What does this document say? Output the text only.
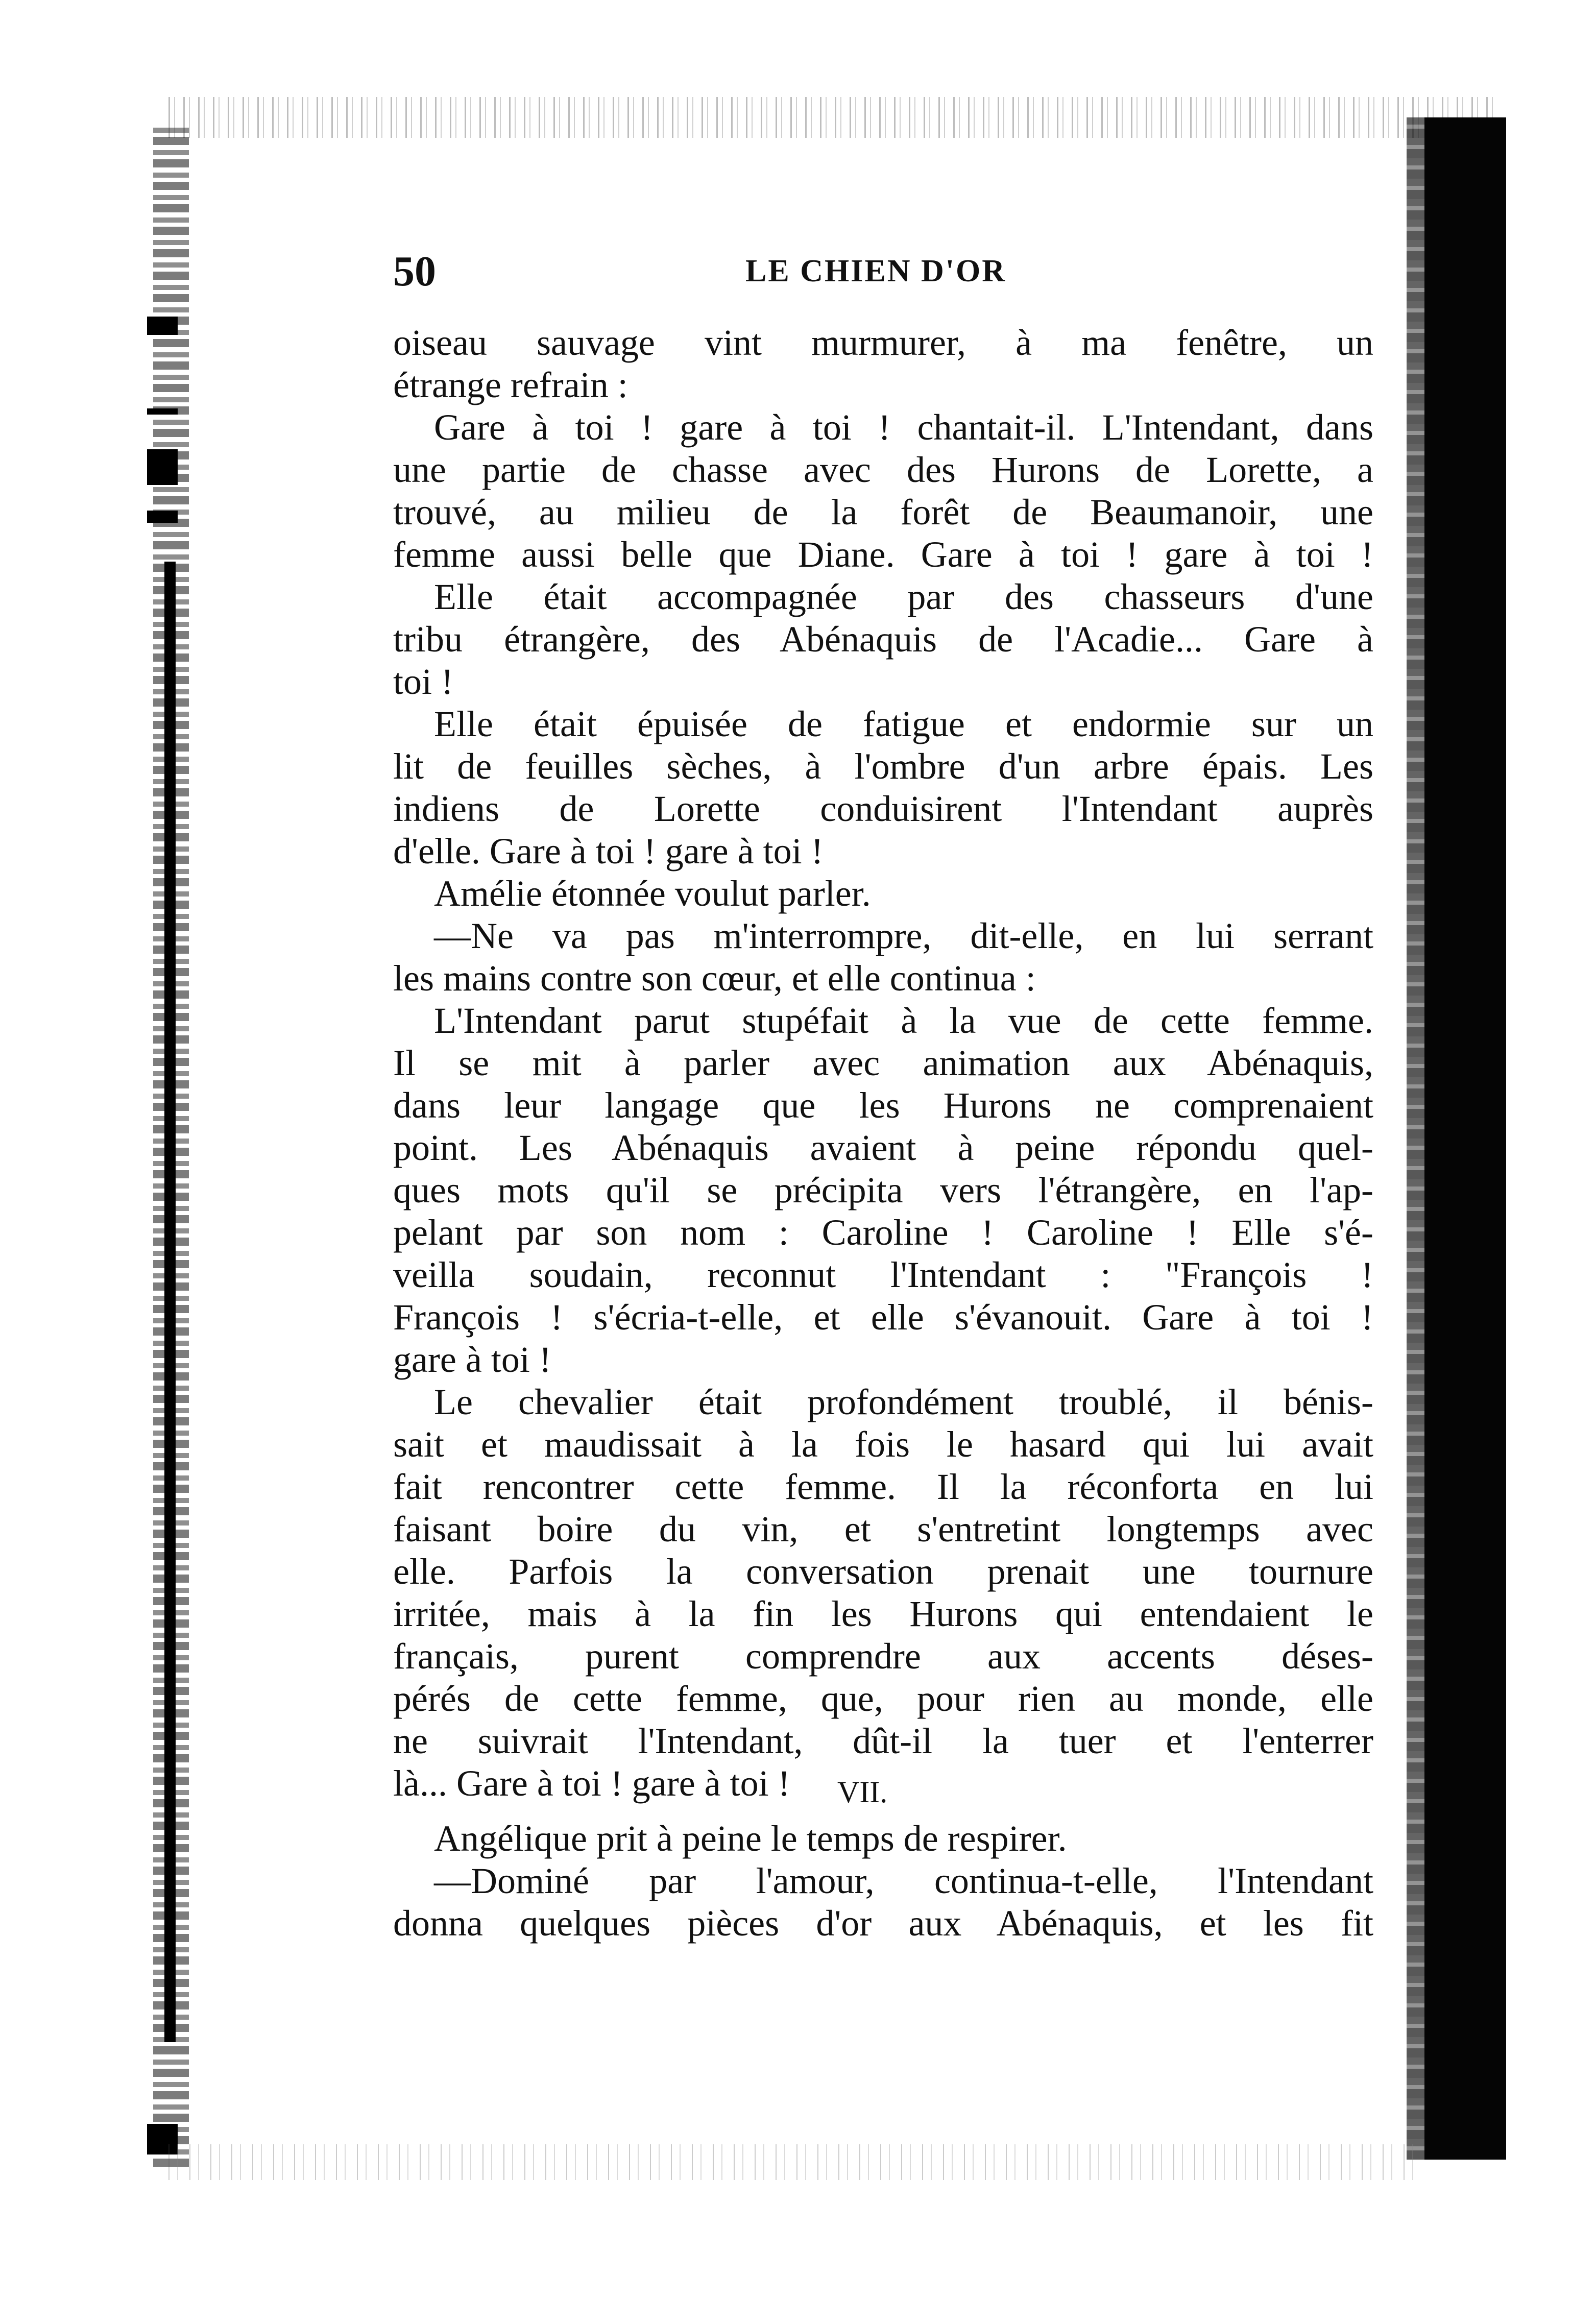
50	LE CHIEN D'OR
oiseau sauvage vint murmurer, à ma fenêtre, un
étrange refrain :
Gare à toi ! gare à toi ! chantait-il. L'Intendant, dans
une partie de chasse avec des Hurons de Lorette, a
trouvé, au milieu de la forêt de Beaumanoir, une
femme aussi belle que Diane. Gare à toi ! gare à toi !
Elle était accompagnée par des chasseurs d'une
tribu étrangère, des Abénaquis de l'Acadie... Gare à
toi !
Elle était épuisée de fatigue et endormie sur un
lit de feuilles sèches, à l'ombre d'un arbre épais. Les
indiens de Lorette conduisirent l'Intendant auprès
d'elle. Gare à toi ! gare à toi !
Amélie étonnée voulut parler.
—Ne va pas m'interrompre, dit-elle, en lui serrant
les mains contre son cœur, et elle continua :
L'Intendant parut stupéfait à la vue de cette femme.
Il se mit à parler avec animation aux Abénaquis,
dans leur langage que les Hurons ne comprenaient
point. Les Abénaquis avaient à peine répondu quel-
ques mots qu'il se précipita vers l'étrangère, en l'ap-
pelant par son nom : Caroline ! Caroline ! Elle s'é-
veilla soudain, reconnut l'Intendant : "François !
François ! s'écria-t-elle, et elle s'évanouit. Gare à toi !
gare à toi !
Le chevalier était profondément troublé, il bénis-
sait et maudissait à la fois le hasard qui lui avait
fait rencontrer cette femme. Il la réconforta en lui
faisant boire du vin, et s'entretint longtemps avec
elle. Parfois la conversation prenait une tournure
irritée, mais à la fin les Hurons qui entendaient le
français, purent comprendre aux accents déses-
pérés de cette femme, que, pour rien au monde, elle
ne suivrait l'Intendant, dût-il la tuer et l'enterrer
là... Gare à toi ! gare à toi !	VII.
Angélique prit à peine le temps de respirer.
—Dominé par l'amour, continua-t-elle, l'Intendant
donna quelques pièces d'or aux Abénaquis, et les fit
